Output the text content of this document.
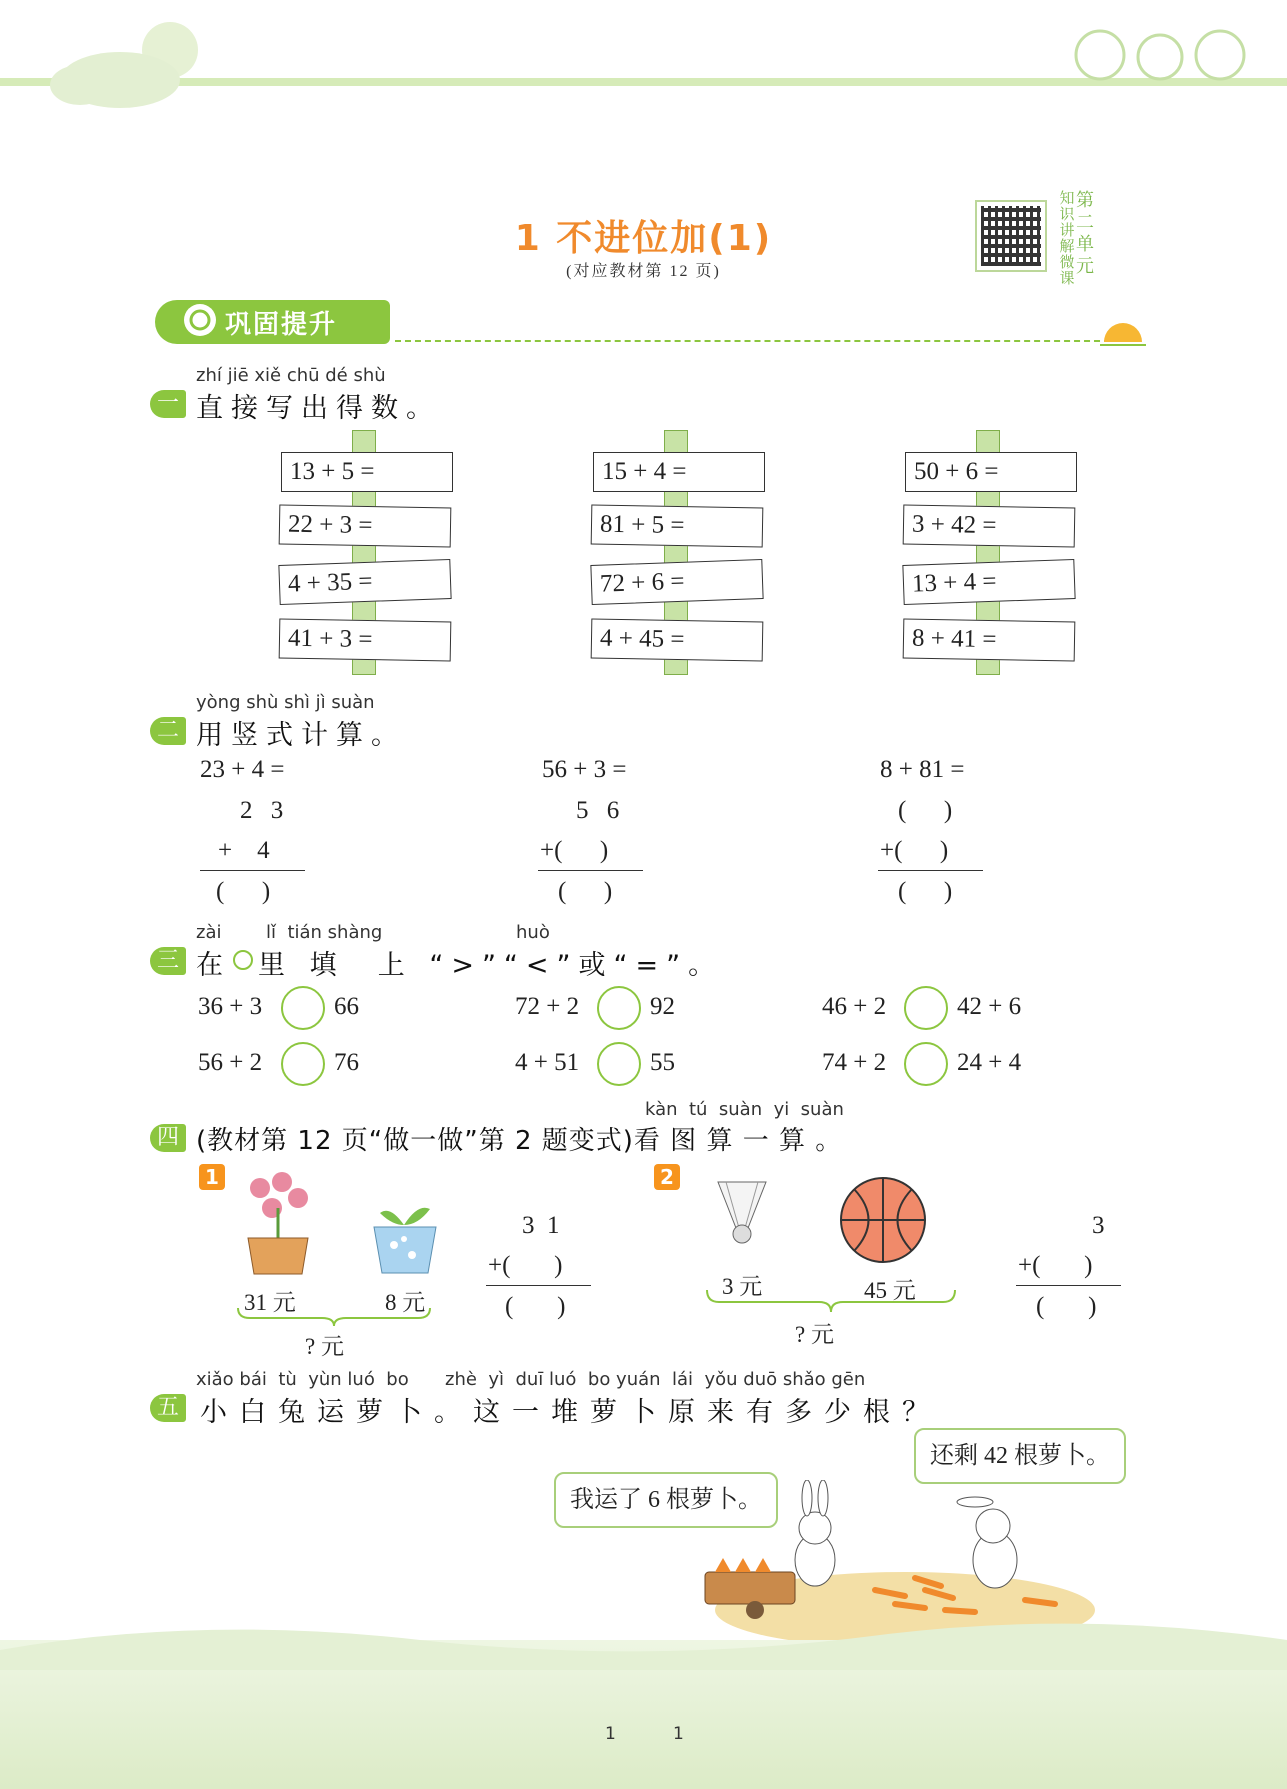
1 不进位加(1)
(对应教材第 12 页)
知
识
讲
解
微
课
第
二
单
元
巩固提升
zhí jiē xiě chū dé shù
一 直接写出得数。
13 + 5 =
22 + 3 =
4 + 35 =
41 + 3 =
15 + 4 =
81 + 5 =
72 + 6 =
4 + 45 =
50 + 6 =
3 + 42 =
13 + 4 =
8 + 41 =
yòng shù shì jì suàn
二 用竖式计算。
23 + 4 =
2 3
+    4
(      )
56 + 3 =
5 6
+(      )
(      )
8 + 81 =
(      )
+(      )
(      )
zài lǐ  tián shàng	huò
三 在 里 填  上 “>”“<”或“=”。
36 + 3	66	72 + 2	92	46 + 2	42 + 6
56 + 2	76	4 + 51	55	74 + 2	24 + 4
kàn  tú  suàn  yi  suàn
四 (教材第 12 页“做一做”第 2 题变式)看 图 算 一 算 。
1
31 元	8 元
? 元
3  1
+(       )
(       )
2
3 元	45 元
? 元
3
+(       )
(       )
xiǎo bái  tù  yùn luó  bo zhè  yì  duī luó  bo yuán  lái  yǒu duō shǎo gēn
五 小白兔运萝卜。这一堆萝卜原来有多少根？
还剩 42 根萝卜。
我运了 6 根萝卜。
1	1
